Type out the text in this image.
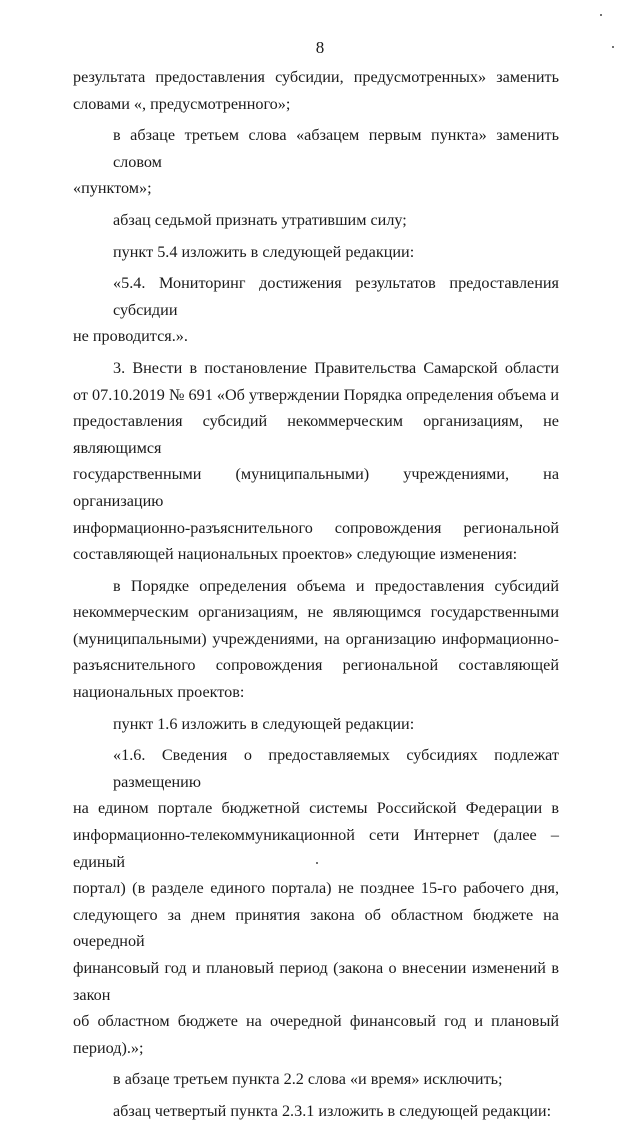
8

результата предоставления субсидии, предусмотренных» заменить

словами «, предусмотренного»;

в абзаце третьем слова «абзацем первым пункта» заменить словом

«пунктом»;

абзац седьмой признать утратившим силу;

пункт 5.4 изложить в следующей редакции:

«5.4. Мониторинг достижения результатов предоставления субсидии

не проводится.».

3. Внести в постановление Правительства Самарской области

от 07.10.2019 № 691 «Об утверждении Порядка определения объема и

предоставления субсидий некоммерческим организациям, не являющимся

государственными (муниципальными) учреждениями, на организацию

информационно-разъяснительного сопровождения региональной

составляющей национальных проектов» следующие изменения:

в Порядке определения объема и предоставления субсидий

некоммерческим организациям, не являющимся государственными

(муниципальными) учреждениями, на организацию информационно-

разъяснительного сопровождения региональной составляющей

национальных проектов:

пункт 1.6 изложить в следующей редакции:

«1.6. Сведения о предоставляемых субсидиях подлежат размещению

на едином портале бюджетной системы Российской Федерации в

информационно-телекоммуникационной сети Интернет (далее – единый

портал) (в разделе единого портала) не позднее 15-го рабочего дня,

следующего за днем принятия закона об областном бюджете на очередной

финансовый год и плановый период (закона о внесении изменений в закон

об областном бюджете на очередной финансовый год и плановый

период).»;

в абзаце третьем пункта 2.2 слова «и время» исключить;

абзац четвертый пункта 2.3.1 изложить в следующей редакции:
